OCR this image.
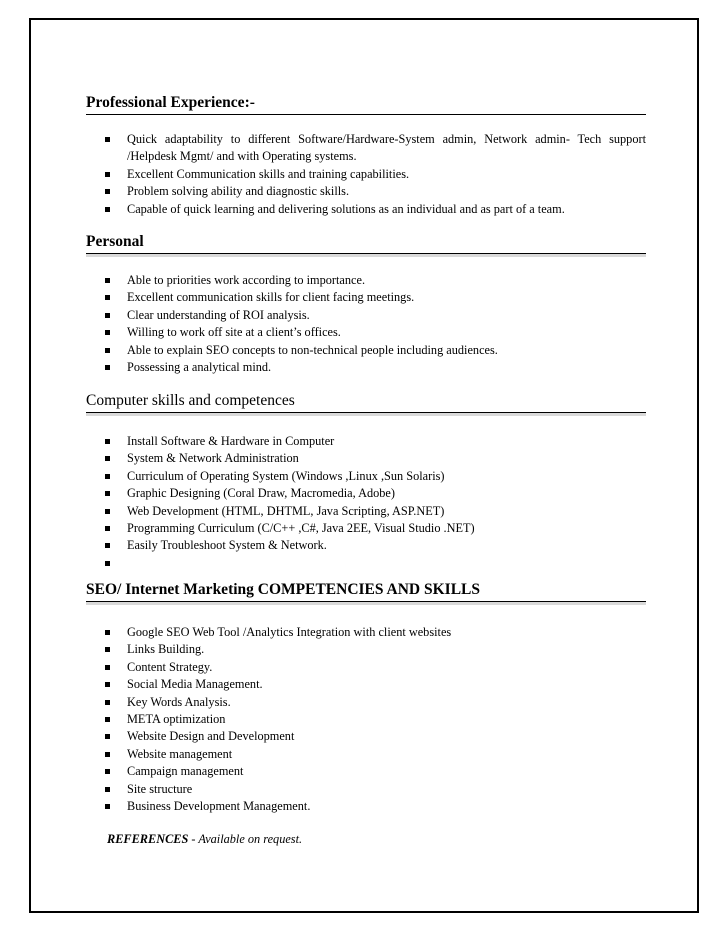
Professional Experience:-
Quick adaptability to different Software/Hardware-System admin, Network admin- Tech support /Helpdesk Mgmt/ and with Operating systems.
Excellent Communication skills and training capabilities.
Problem solving ability and diagnostic skills.
Capable of quick learning and delivering solutions as an individual and as part of a team.
Personal
Able to priorities work according to importance.
Excellent communication skills for client facing meetings.
Clear understanding of ROI analysis.
Willing to work off site at a client’s offices.
Able to explain SEO concepts to non-technical people including audiences.
Possessing a analytical mind.
Computer skills and competences
Install Software & Hardware in Computer
System & Network Administration
Curriculum of Operating System (Windows ,Linux ,Sun Solaris)
Graphic Designing (Coral Draw, Macromedia, Adobe)
Web Development (HTML, DHTML, Java Scripting, ASP.NET)
Programming Curriculum (C/C++ ,C#, Java 2EE, Visual Studio .NET)
Easily Troubleshoot System & Network.
SEO/ Internet Marketing COMPETENCIES AND SKILLS
Google SEO Web Tool /Analytics Integration with client websites
Links Building.
Content Strategy.
Social Media Management.
Key Words Analysis.
META optimization
Website Design and Development
Website management
Campaign management
Site structure
Business Development Management.
REFERENCES - Available on request.
